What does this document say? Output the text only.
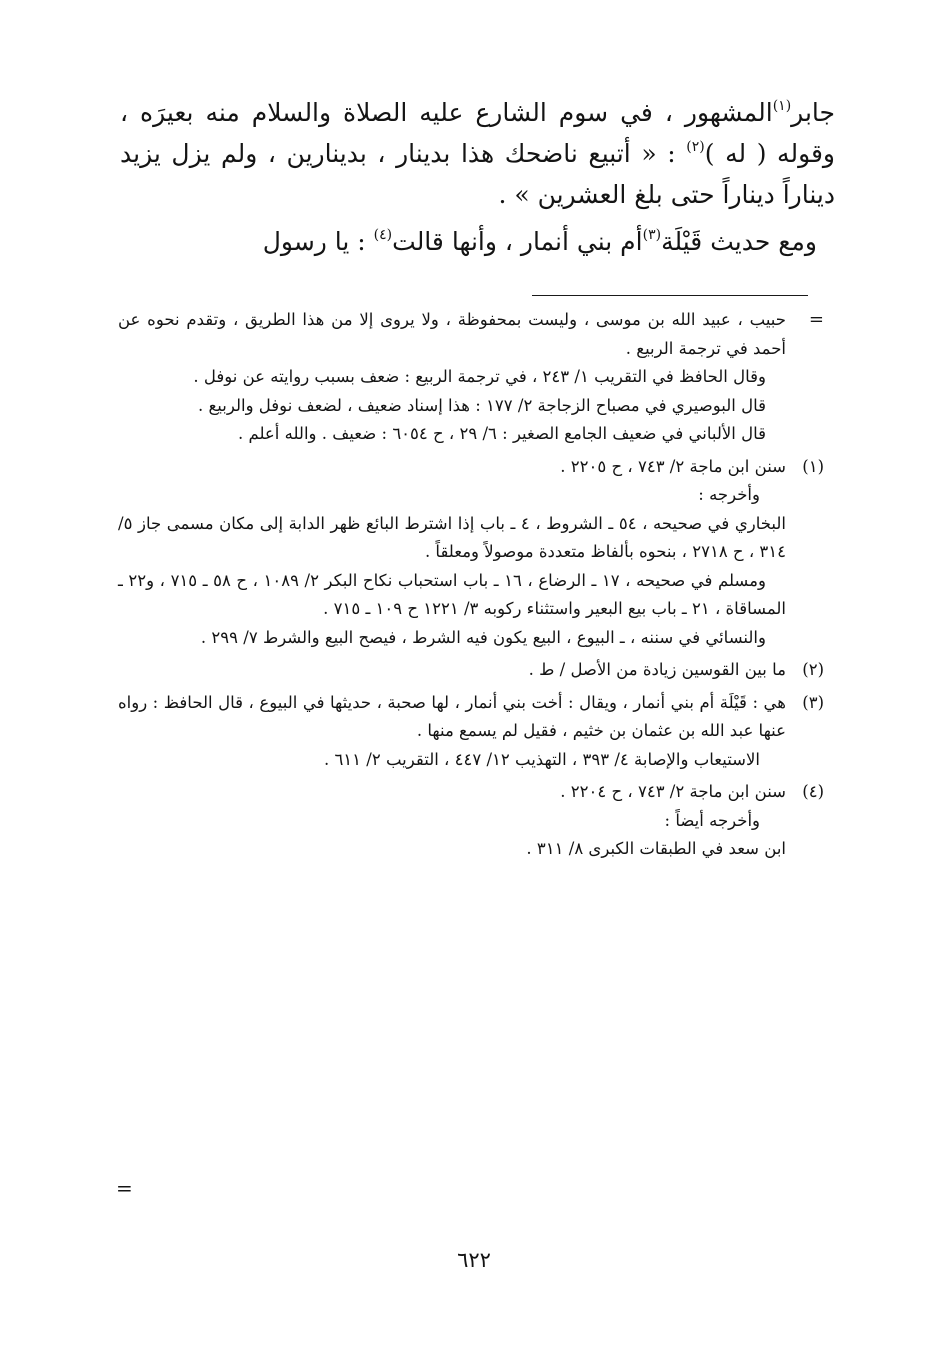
جابر$^{(١)}$المشهور ، في سوم الشارع عليه الصلاة والسلام منه بعيرَه ، وقوله ( له )$^{(٢)}$ : « أتبيع ناضحك هذا بدينار ، بدينارين ، ولم يزل يزيد ديناراً ديناراً حتى بلغ العشرين » .

ومع حديث قَيْلَة$^{(٣)}$أم بني أنمار ، وأنها قالت$^{(٤)}$ : يا رسول

=

حبيب ، عبيد الله بن موسى ، وليست بمحفوظة ، ولا يروى إلا من هذا الطريق ، وتقدم نحوه عن أحمد في ترجمة الربيع .

وقال الحافظ في التقريب ١/ ٢٤٣ ، في ترجمة الربيع : ضعف بسبب روايته عن نوفل .

قال البوصيري في مصباح الزجاجة ٢/ ١٧٧ : هذا إسناد ضعيف ، لضعف نوفل والربيع .

قال الألباني في ضعيف الجامع الصغير : ٦/ ٢٩ ، ح ٦٠٥٤ : ضعيف . والله أعلم .

(١)

سنن ابن ماجة ٢/ ٧٤٣ ، ح ٢٢٠٥ .

وأخرجه :

البخاري في صحيحه ، ٥٤ ـ الشروط ، ٤ ـ باب إذا اشترط البائع ظهر الدابة إلى مكان مسمى جاز ٥/ ٣١٤ ، ح ٢٧١٨ ، بنحوه بألفاظ متعددة موصولاً ومعلقاً .

ومسلم في صحيحه ، ١٧ ـ الرضاع ، ١٦ ـ باب استحباب نكاح البكر ٢/ ١٠٨٩ ، ح ٥٨ ـ ٧١٥ ، و٢٢ ـ المساقاة ، ٢١ ـ باب بيع البعير واستثناء ركوبه ٣/ ١٢٢١ ح ١٠٩ ـ ٧١٥ .

والنسائي في سننه ، ـ البيوع ، البيع يكون فيه الشرط ، فيصح البيع والشرط ٧/ ٢٩٩ .

(٢)

ما بين القوسين زيادة من الأصل / ط .

(٣)

هي : قَيْلَة أم بني أنمار ، ويقال : أخت بني أنمار ، لها صحبة ، حديثها في البيوع ، قال الحافظ : رواه عنها عبد الله بن عثمان بن خثيم ، فقيل لم يسمع منها .

الاستيعاب والإصابة ٤/ ٣٩٣ ، التهذيب ١٢/ ٤٤٧ ، التقريب ٢/ ٦١١ .

(٤)

سنن ابن ماجة ٢/ ٧٤٣ ، ح ٢٢٠٤ .

وأخرجه أيضاً :

ابن سعد في الطبقات الكبرى ٨/ ٣١١ .

=
٦٢٢
